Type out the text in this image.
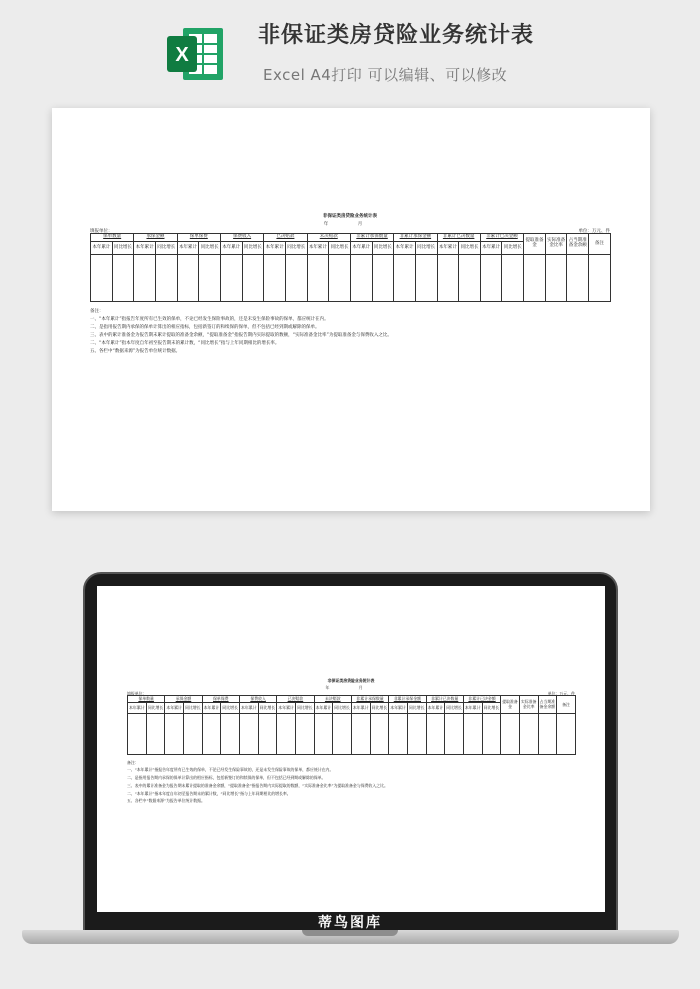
X
非保证类房贷险业务统计表
Excel A4打印 可以编辑、可以修改
非保证类房贷险业务统计表
年 月
填报单位：	单位：万元、件
保单数量		承保金额		保单保费		保费收入		已决赔款		未决赔款		非累计承保数量		非累计承保金额		非累计已决数量		非累计已决金额		提取准备金	实际准备金比率	占当期准备金余额	备注
本年累计	同比增长	本年累计	同比增长	本年累计	同比增长	本年累计	同比增长	本年累计	同比增长	本年累计	同比增长	本年累计	同比增长	本年累计	同比增长	本年累计	同比增长	本年累计	同比增长				

备注：
一、“本年累计”指报告年度所有已生效的保单，不论已经发生保险事故的，还是未发生保险事故的保单，都应统计在内。
二、是指用报告期内承保的保单计算出的相应指标，包括新签订的和续保的保单，但不包括已经到期或解除的保单。
三、表中的累计准备金为报告期末累计提取的准备金余额，“提取准备金”指报告期内实际提取的数额，“实际准备金比率”为提取准备金与保费收入之比。
二、“本年累计”指本年度自年初至报告期末的累计数，“同比增长”指与上年同期相比的增长率。
五、各栏中“数据来源”为报告单位统计数据。
非保证类房贷险业务统计表
年 月
填报单位：	单位：万元、件
保单数量		承保金额		保单保费		保费收入		已决赔款		未决赔款		非累计承保数量		非累计承保金额		非累计已决数量		非累计已决金额		提取准备金	实际准备金比率	占当期准备金余额	备注
本年累计	同比增长	本年累计	同比增长	本年累计	同比增长	本年累计	同比增长	本年累计	同比增长	本年累计	同比增长	本年累计	同比增长	本年累计	同比增长	本年累计	同比增长	本年累计	同比增长				

备注：
一、“本年累计”指报告年度所有已生效的保单，不论已经发生保险事故的，还是未发生保险事故的保单，都应统计在内。
二、是指用报告期内承保的保单计算出的相应指标，包括新签订的和续保的保单，但不包括已经到期或解除的保单。
三、表中的累计准备金为报告期末累计提取的准备金余额，“提取准备金”指报告期内实际提取的数额，“实际准备金比率”为提取准备金与保费收入之比。
二、“本年累计”指本年度自年初至报告期末的累计数，“同比增长”指与上年同期相比的增长率。
五、各栏中“数据来源”为报告单位统计数据。
蒂鸟图库
